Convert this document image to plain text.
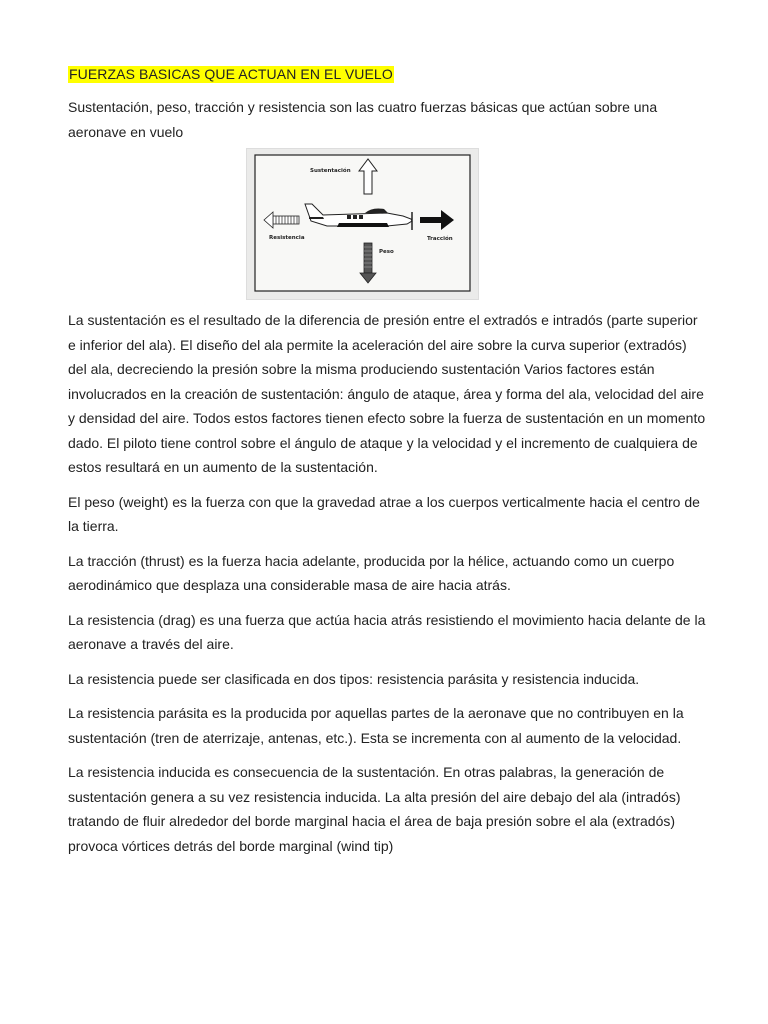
FUERZAS BASICAS QUE ACTUAN EN EL VUELO

Sustentación, peso, tracción y resistencia son las cuatro fuerzas básicas que actúan sobre una aeronave en vuelo

Sustentación
Resistencia	Tracción
Peso

La sustentación es el resultado de la diferencia de presión entre el extradós e intradós (parte superior e inferior del ala). El diseño del ala permite la aceleración del aire sobre la curva superior (extradós) del ala, decreciendo la presión sobre la misma produciendo sustentación Varios factores están involucrados en la creación de sustentación: ángulo de ataque, área y forma del ala, velocidad del aire y densidad del aire. Todos estos factores tienen efecto sobre la fuerza de sustentación en un momento dado. El piloto tiene control sobre el ángulo de ataque y la velocidad y el incremento de cualquiera de estos resultará en un aumento de la sustentación.

El peso (weight) es la fuerza con que la gravedad atrae a los cuerpos verticalmente hacia el centro de la tierra.

La tracción (thrust) es la fuerza hacia adelante, producida por la hélice, actuando como un cuerpo aerodinámico que desplaza una considerable masa de aire hacia atrás.

La resistencia (drag) es una fuerza que actúa hacia atrás resistiendo el movimiento hacia delante de la aeronave a través del aire.

La resistencia puede ser clasificada en dos tipos: resistencia parásita y resistencia inducida.

La resistencia parásita es la producida por aquellas partes de la aeronave que no contribuyen en la sustentación (tren de aterrizaje, antenas, etc.). Esta se incrementa con al aumento de la velocidad.

La resistencia inducida es consecuencia de la sustentación. En otras palabras, la generación de sustentación genera a su vez resistencia inducida. La alta presión del aire debajo del ala (intradós) tratando de fluir alrededor del borde marginal hacia el área de baja presión sobre el ala (extradós) provoca vórtices detrás del borde marginal (wind tip)
